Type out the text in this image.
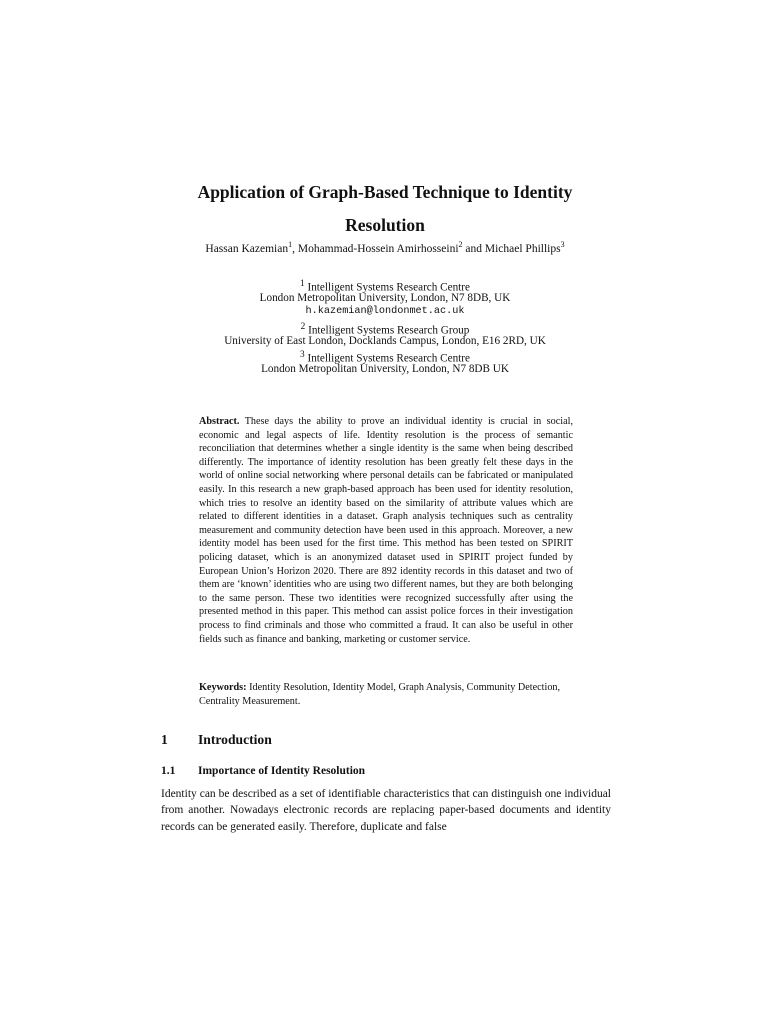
Application of Graph-Based Technique to Identity Resolution

Hassan Kazemian$^1$, Mohammad-Hossein Amirhosseini$^2$ and Michael Phillips$^3$

$^1$ Intelligent Systems Research Centre
London Metropolitan University, London, N7 8DB, UK
h.kazemian@londonmet.ac.uk
$^2$ Intelligent Systems Research Group
University of East London, Docklands Campus, London, E16 2RD, UK
$^3$ Intelligent Systems Research Centre
London Metropolitan University, London, N7 8DB UK

Abstract. These days the ability to prove an individual identity is crucial in social, economic and legal aspects of life. Identity resolution is the process of semantic reconciliation that determines whether a single identity is the same when being described differently. The importance of identity resolution has been greatly felt these days in the world of online social networking where personal details can be fabricated or manipulated easily. In this research a new graph-based approach has been used for identity resolution, which tries to resolve an identity based on the similarity of attribute values which are related to different identities in a dataset. Graph analysis techniques such as centrality measurement and community detection have been used in this approach. Moreover, a new identity model has been used for the first time. This method has been tested on SPIRIT policing dataset, which is an anonymized dataset used in SPIRIT project funded by European Union’s Horizon 2020. There are 892 identity records in this dataset and two of them are ‘known’ identities who are using two different names, but they are both belonging to the same person. These two identities were recognized successfully after using the presented method in this paper. This method can assist police forces in their investigation process to find criminals and those who committed a fraud. It can also be useful in other fields such as finance and banking, marketing or customer service.

Keywords: Identity Resolution, Identity Model, Graph Analysis, Community Detection, Centrality Measurement.

1 Introduction
1.1 Importance of Identity Resolution

Identity can be described as a set of identifiable characteristics that can distinguish one individual from another. Nowadays electronic records are replacing paper-based documents and identity records can be generated easily. Therefore, duplicate and false
